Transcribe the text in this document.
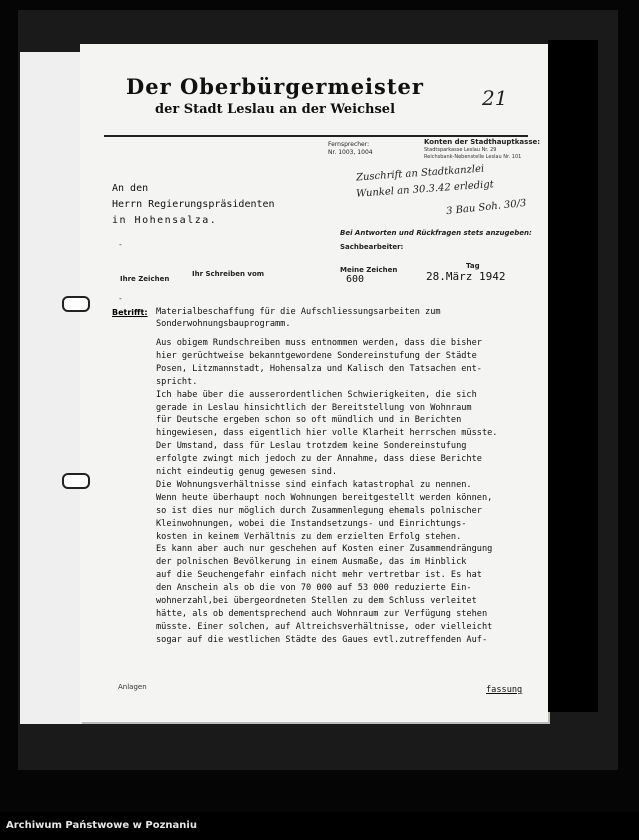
Der Oberbürgermeister
der Stadt Leslau an der Weichsel	21
Fernsprecher:
Nr. 1003, 1004
Konten der Stadthauptkasse:
Stadtsparkasse Leslau Nr. 29
Reichsbank-Nebenstelle Leslau Nr. 101
An den
Herrn Regierungspräsidenten
in Hohensalza.
Zuschrift an Stadtkanzlei
Wunkel an 30.3.42 erledigt
3 Bau Soh. 30/3
Bei Antworten und Rückfragen stets anzugeben:
Sachbearbeiter:
Ihre Zeichen
Ihr Schreiben vom	Meine Zeichen	Tag
600	28.März 1942
-
-
Betrifft: Materialbeschaffung für die Aufschliessungsarbeiten zum
Sonderwohnungsbauprogramm.
Aus obigem Rundschreiben muss entnommen werden, dass die bisher
hier gerüchtweise bekanntgewordene Sondereinstufung der Städte
Posen, Litzmannstadt, Hohensalza und Kalisch den Tatsachen ent-
spricht.
Ich habe über die ausserordentlichen Schwierigkeiten, die sich
gerade in Leslau hinsichtlich der Bereitstellung von Wohnraum
für Deutsche ergeben schon so oft mündlich und in Berichten
hingewiesen, dass eigentlich hier volle Klarheit herrschen müsste.
Der Umstand, dass für Leslau trotzdem keine Sondereinstufung
erfolgte zwingt mich jedoch zu der Annahme, dass diese Berichte
nicht eindeutig genug gewesen sind.
Die Wohnungsverhältnisse sind einfach katastrophal zu nennen.
Wenn heute überhaupt noch Wohnungen bereitgestellt werden können,
so ist dies nur möglich durch Zusammenlegung ehemals polnischer
Kleinwohnungen, wobei die Instandsetzungs- und Einrichtungs-
kosten in keinem Verhältnis zu dem erzielten Erfolg stehen.
Es kann aber auch nur geschehen auf Kosten einer Zusammendrängung
der polnischen Bevölkerung in einem Ausmaße, das im Hinblick
auf die Seuchengefahr einfach nicht mehr vertretbar ist. Es hat
den Anschein als ob die von 70 000 auf 53 000 reduzierte Ein-
wohnerzahl,bei übergeordneten Stellen zu dem Schluss verleitet
hätte, als ob dementsprechend auch Wohnraum zur Verfügung stehen
müsste. Einer solchen, auf Altreichsverhältnisse, oder vielleicht
sogar auf die westlichen Städte des Gaues evtl.zutreffenden Auf-
Anlagen	fassung
Archiwum Państwowe w Poznaniu
